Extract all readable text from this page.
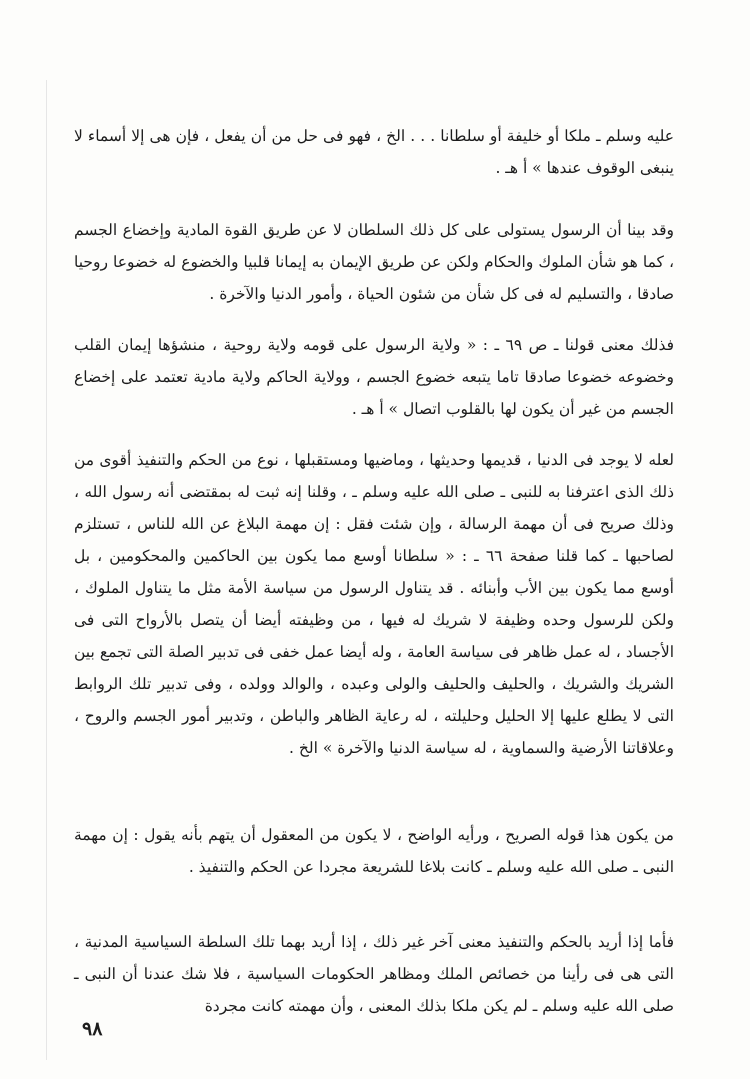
عليه وسلم ـ ملكا أو خليفة أو سلطانا . . . الخ ، فهو فى حل من أن يفعل ، فإن هى إلا أسماء لا ينبغى الوقوف عندها » أ هـ .

وقد بينا أن الرسول يستولى على كل ذلك السلطان لا عن طريق القوة المادية وإخضاع الجسم ، كما هو شأن الملوك والحكام ولكن عن طريق الإيمان به إيمانا قلبيا والخضوع له خضوعا روحيا صادقا ، والتسليم له فى كل شأن من شئون الحياة ، وأمور الدنيا والآخرة .

فذلك معنى قولنا ـ ص ٦٩ ـ : « ولاية الرسول على قومه ولاية روحية ، منشؤها إيمان القلب وخضوعه خضوعا صادقا تاما يتبعه خضوع الجسم ، وولاية الحاكم ولاية مادية تعتمد على إخضاع الجسم من غير أن يكون لها بالقلوب اتصال » أ هـ .

لعله لا يوجد فى الدنيا ، قديمها وحديثها ، وماضيها ومستقبلها ، نوع من الحكم والتنفيذ أقوى من ذلك الذى اعترفنا به للنبى ـ صلى الله عليه وسلم ـ ، وقلنا إنه ثبت له بمقتضى أنه رسول الله ، وذلك صريح فى أن مهمة الرسالة ، وإن شئت فقل : إن مهمة البلاغ عن الله للناس ، تستلزم لصاحبها ـ كما قلنا صفحة ٦٦ ـ : « سلطانا أوسع مما يكون بين الحاكمين والمحكومين ، بل أوسع مما يكون بين الأب وأبنائه . قد يتناول الرسول من سياسة الأمة مثل ما يتناول الملوك ، ولكن للرسول وحده وظيفة لا شريك له فيها ، من وظيفته أيضا أن يتصل بالأرواح التى فى الأجساد ، له عمل ظاهر فى سياسة العامة ، وله أيضا عمل خفى فى تدبير الصلة التى تجمع بين الشريك والشريك ، والحليف والحليف والولى وعبده ، والوالد وولده ، وفى تدبير تلك الروابط التى لا يطلع عليها إلا الحليل وحليلته ، له رعاية الظاهر والباطن ، وتدبير أمور الجسم والروح ، وعلاقاتنا الأرضية والسماوية ، له سياسة الدنيا والآخرة » الخ .

من يكون هذا قوله الصريح ، ورأيه الواضح ، لا يكون من المعقول أن يتهم بأنه يقول : إن مهمة النبى ـ صلى الله عليه وسلم ـ كانت بلاغا للشريعة مجردا عن الحكم والتنفيذ .

فأما إذا أريد بالحكم والتنفيذ معنى آخر غير ذلك ، إذا أريد بهما تلك السلطة السياسية المدنية ، التى هى فى رأينا من خصائص الملك ومظاهر الحكومات السياسية ، فلا شك عندنا أن النبى ـ صلى الله عليه وسلم ـ لم يكن ملكا بذلك المعنى ، وأن مهمته كانت مجردة

٩٨
